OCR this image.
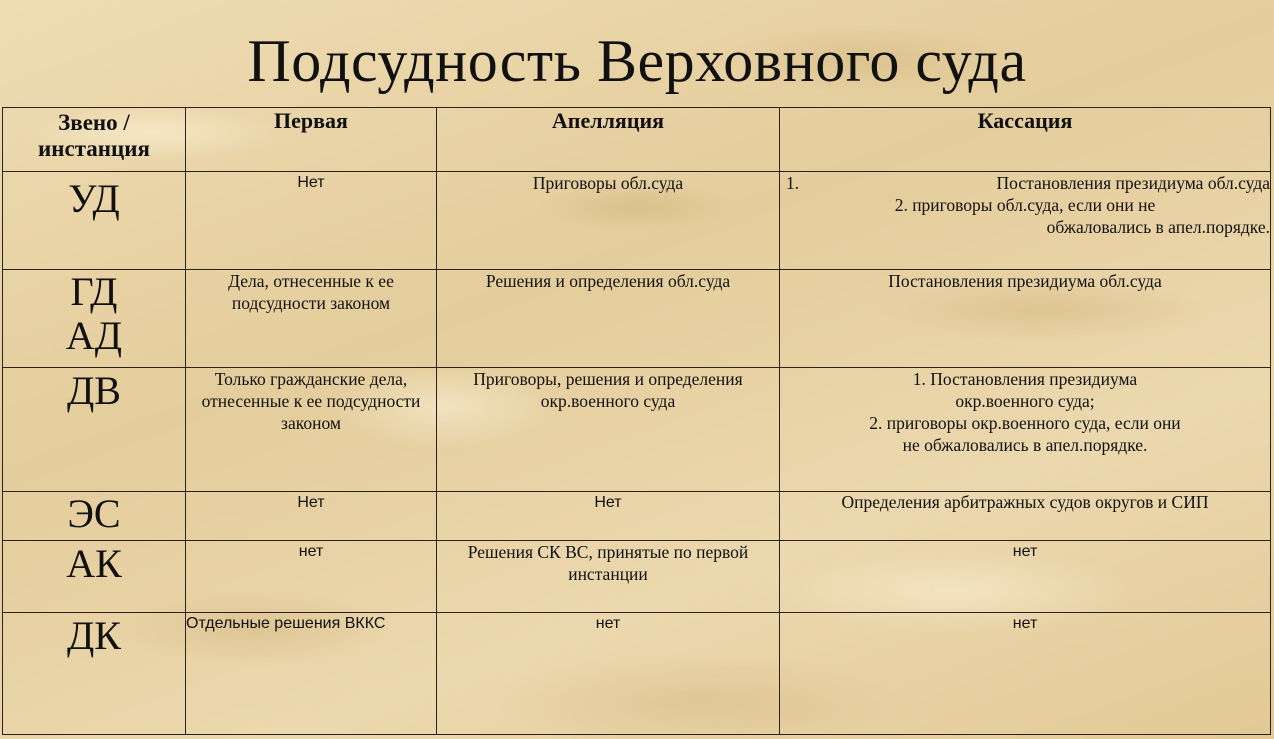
Подсудность Верховного суда
Звено /
инстанция	Первая	Апелляция	Кассация
УД	Нет	Приговоры обл.суда	1. Постановления президиума обл.суда
2. приговоры обл.суда, если они не
обжаловались в апел.порядке.

ГД
АД	Дела, отнесенные к ее подсудности законом	Решения и определения обл.суда	Постановления президиума обл.суда
ДВ	Только гражданские дела, отнесенные к ее подсудности законом	Приговоры, решения и определения окр.военного суда	1. Постановления президиума
окр.военного суда;
2. приговоры окр.военного суда, если они
не обжаловались в апел.порядке.

ЭС	Нет	Нет	Определения арбитражных судов округов и СИП
АК	нет	Решения СК ВС, принятые по первой инстанции	нет
ДК	Отдельные решения ВККС	нет	нет
